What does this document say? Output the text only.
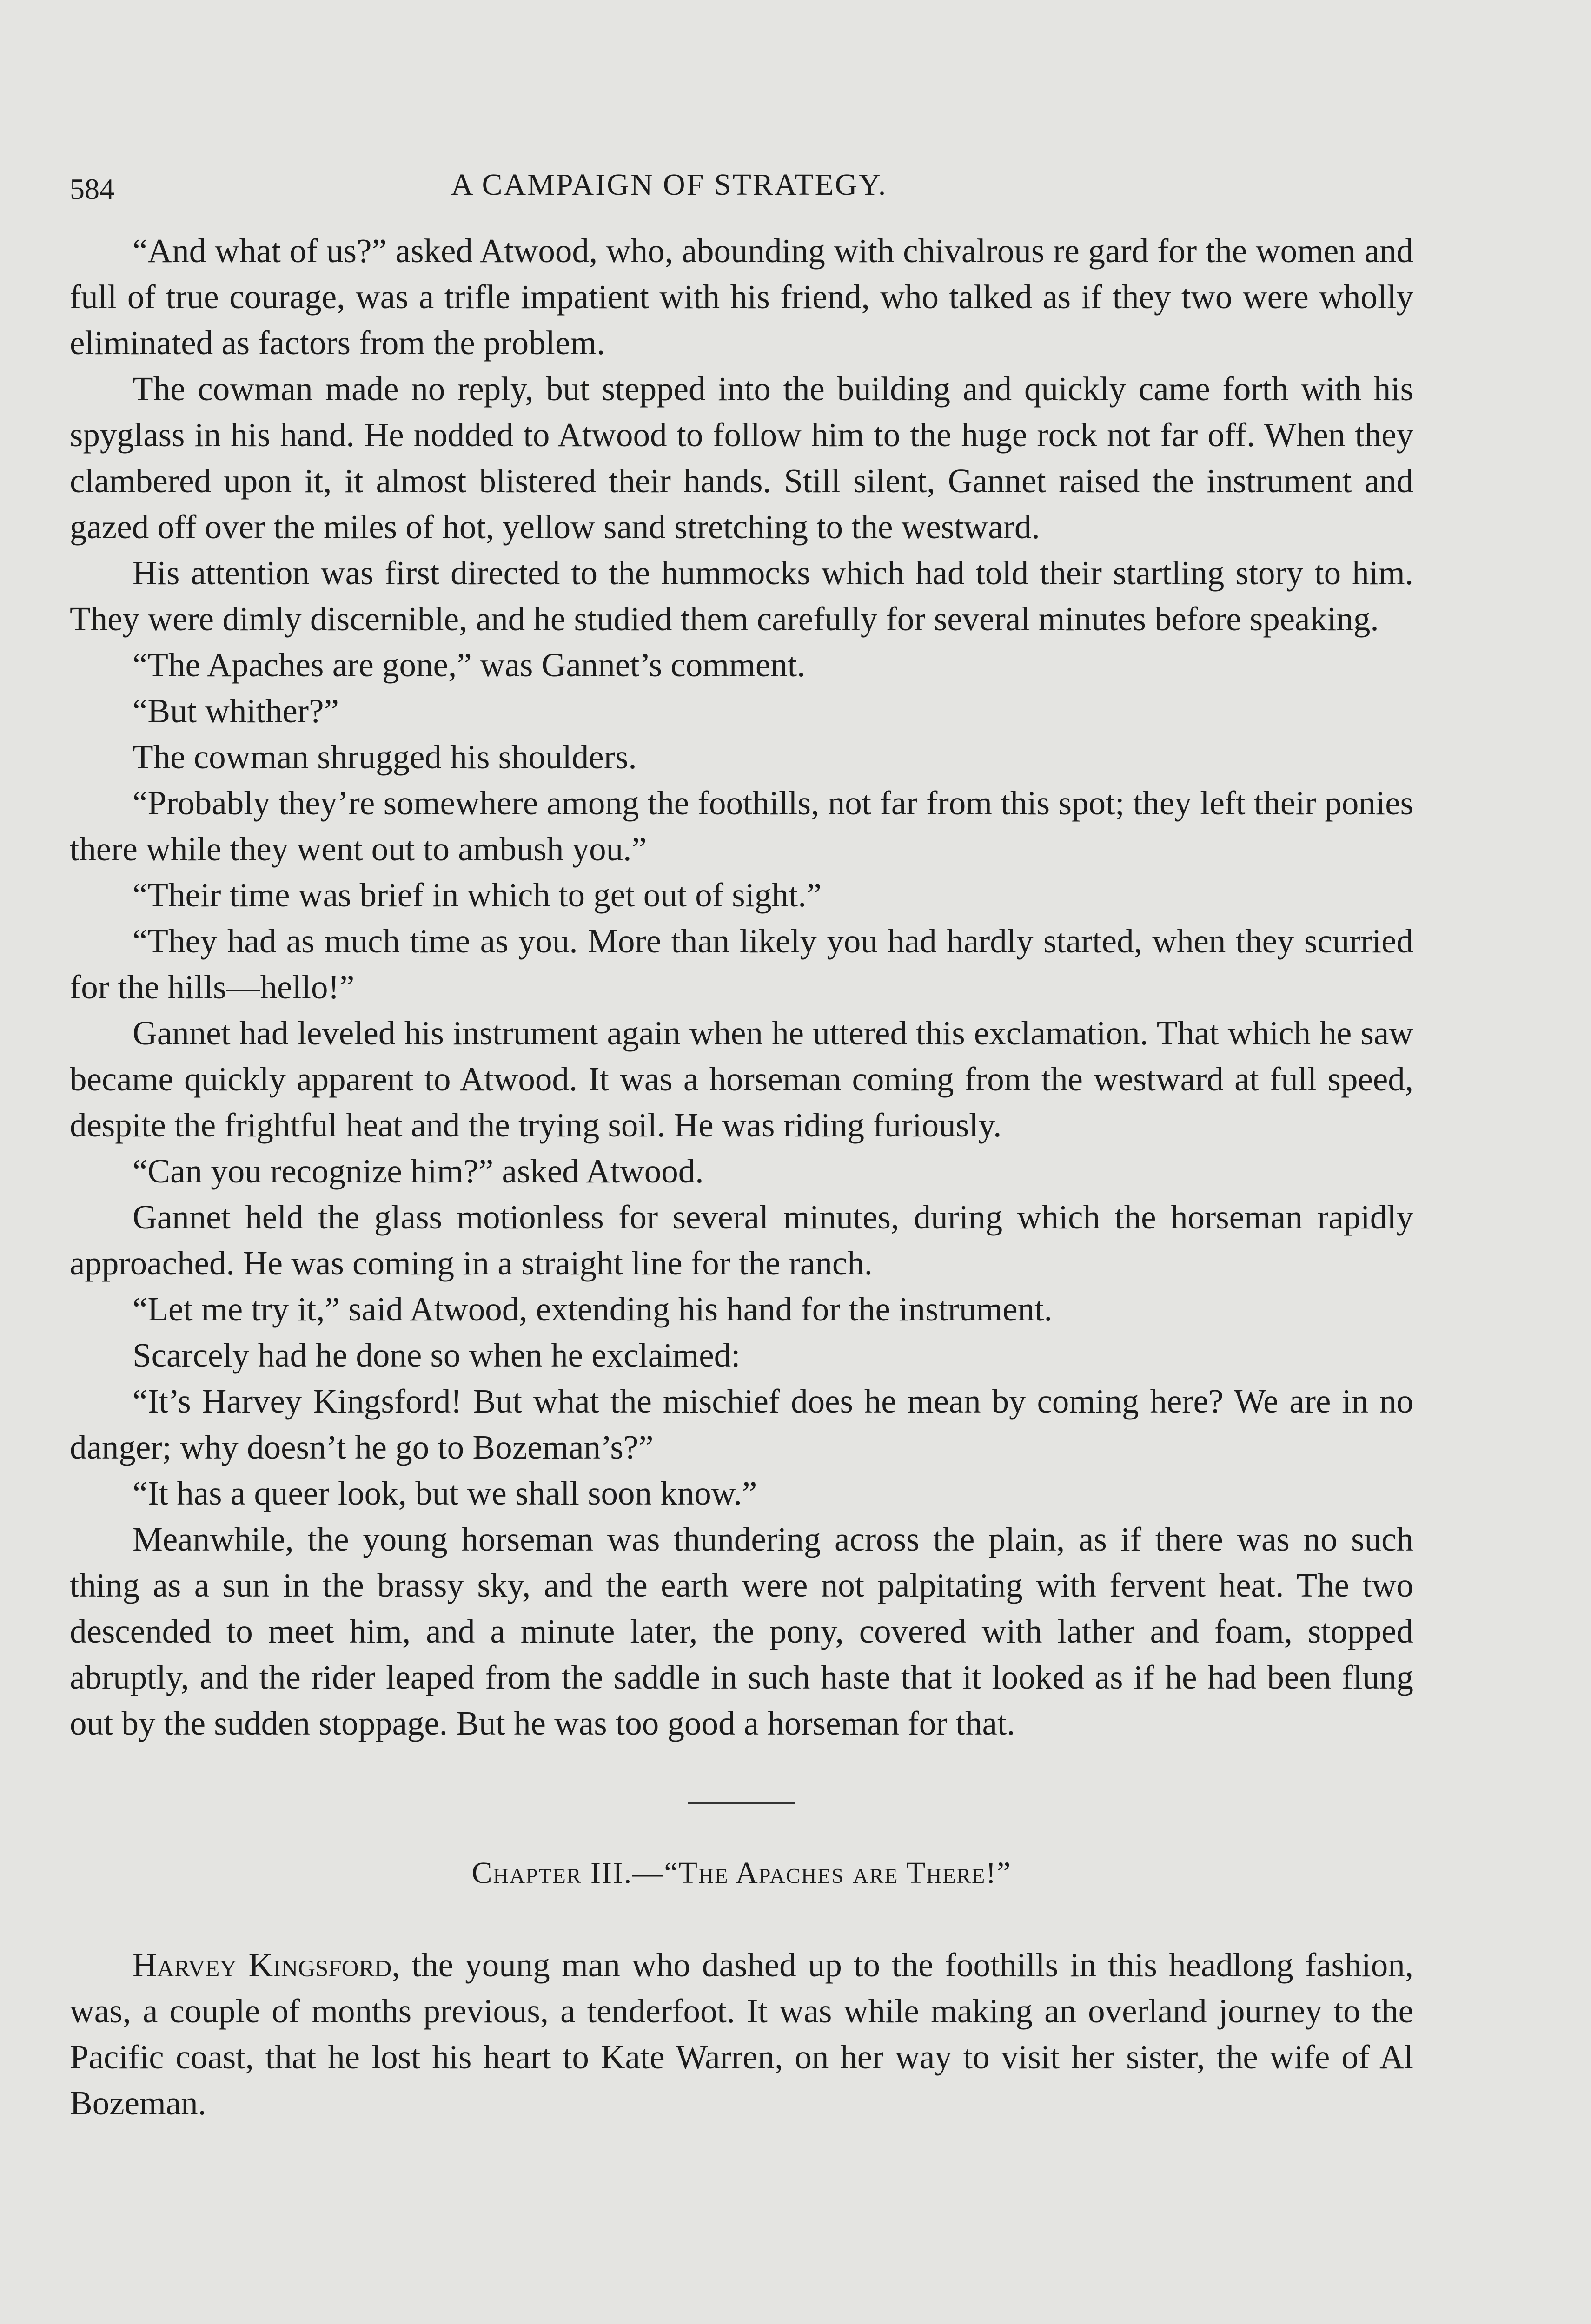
584	A CAMPAIGN OF STRATEGY.

“And what of us?” asked Atwood, who, abounding with chivalrous re gard for the women and full of true courage, was a trifle impatient with his friend, who talked as if they two were wholly eliminated as factors from the problem.

The cowman made no reply, but stepped into the building and quickly came forth with his spyglass in his hand. He nodded to Atwood to follow him to the huge rock not far off. When they clambered upon it, it almost blistered their hands. Still silent, Gannet raised the instrument and gazed off over the miles of hot, yellow sand stretching to the westward.

His attention was first directed to the hummocks which had told their startling story to him. They were dimly discernible, and he studied them carefully for several minutes before speaking.

“The Apaches are gone,” was Gannet’s comment.

“But whither?”

The cowman shrugged his shoulders.

“Probably they’re somewhere among the foothills, not far from this spot; they left their ponies there while they went out to ambush you.”

“Their time was brief in which to get out of sight.”

“They had as much time as you. More than likely you had hardly started, when they scurried for the hills—hello!”

Gannet had leveled his instrument again when he uttered this exclamation. That which he saw became quickly apparent to Atwood. It was a horseman coming from the westward at full speed, despite the frightful heat and the trying soil. He was riding furiously.

“Can you recognize him?” asked Atwood.

Gannet held the glass motionless for several minutes, during which the horseman rapidly approached. He was coming in a straight line for the ranch.

“Let me try it,” said Atwood, extending his hand for the instrument.

Scarcely had he done so when he exclaimed:

“It’s Harvey Kingsford! But what the mischief does he mean by coming here? We are in no danger; why doesn’t he go to Bozeman’s?”

“It has a queer look, but we shall soon know.”

Meanwhile, the young horseman was thundering across the plain, as if there was no such thing as a sun in the brassy sky, and the earth were not palpitating with fervent heat. The two descended to meet him, and a minute later, the pony, covered with lather and foam, stopped abruptly, and the rider leaped from the saddle in such haste that it looked as if he had been flung out by the sudden stoppage. But he was too good a horseman for that.

Chapter III.—“The Apaches are There!”

Harvey Kingsford, the young man who dashed up to the foothills in this headlong fashion, was, a couple of months previous, a tenderfoot. It was while making an overland journey to the Pacific coast, that he lost his heart to Kate Warren, on her way to visit her sister, the wife of Al Bozeman.
